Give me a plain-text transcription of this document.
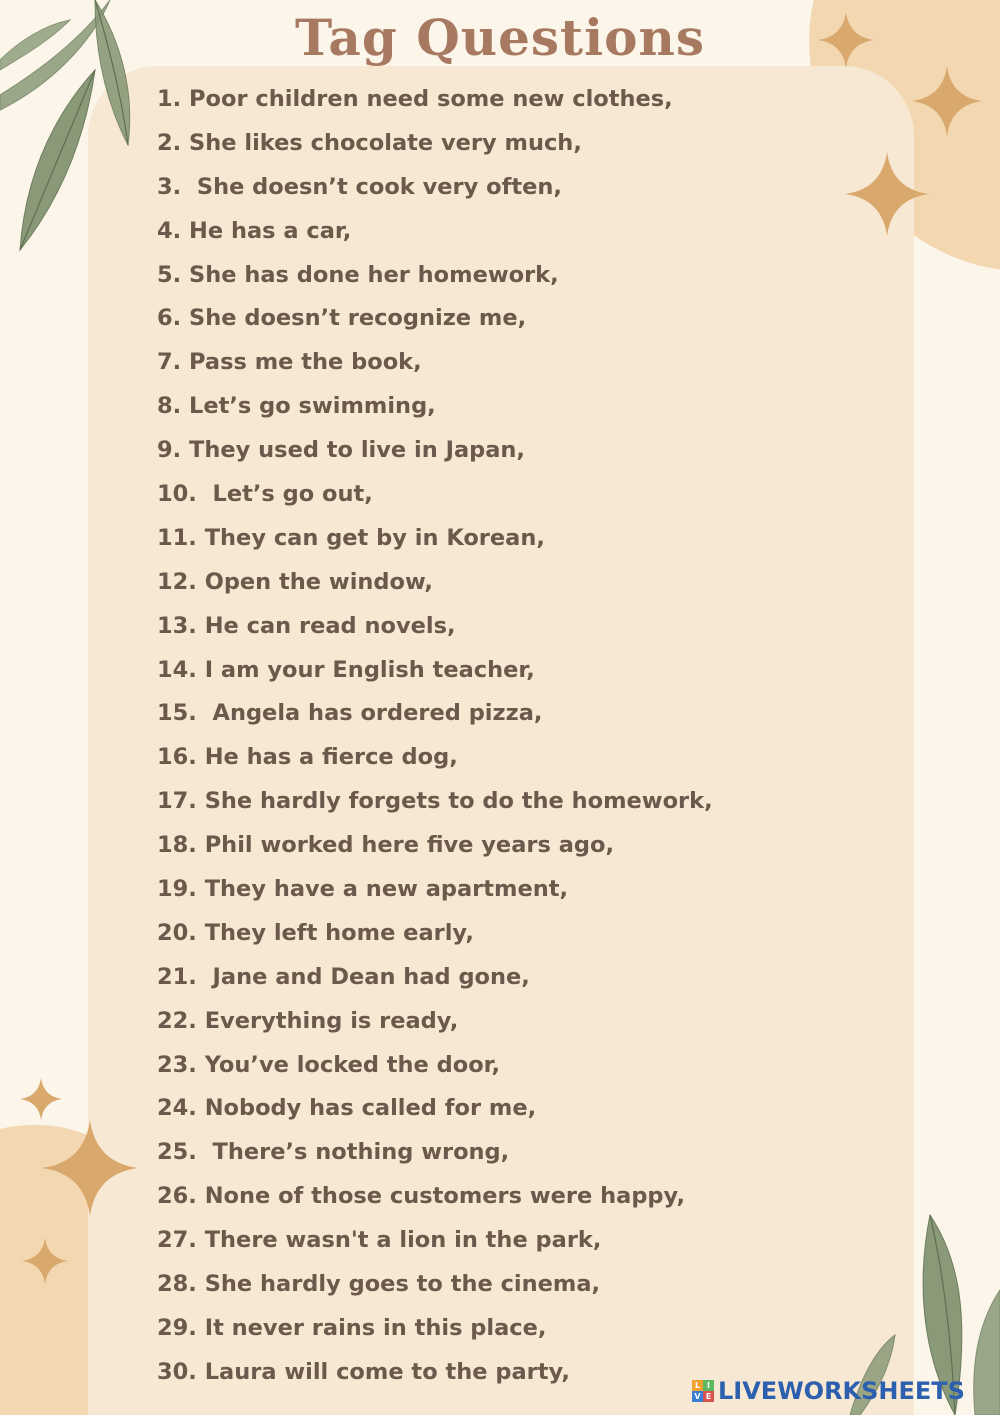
Tag Questions
1. Poor children need some new clothes,
2. She likes chocolate very much,
3.  She doesn’t cook very often,
4. He has a car,
5. She has done her homework,
6. She doesn’t recognize me,
7. Pass me the book,
8. Let’s go swimming,
9. They used to live in Japan,
10.  Let’s go out,
11. They can get by in Korean,
12. Open the window,
13. He can read novels,
14. I am your English teacher,
15.  Angela has ordered pizza,
16. He has a fierce dog,
17. She hardly forgets to do the homework,
18. Phil worked here five years ago,
19. They have a new apartment,
20. They left home early,
21.  Jane and Dean had gone,
22. Everything is ready,
23. You’ve locked the door,
24. Nobody has called for me,
25.  There’s nothing wrong,
26. None of those customers were happy,
27. There wasn't a lion in the park,
28. She hardly goes to the cinema,
29. It never rains in this place,
30. Laura will come to the party,
L I
V E LIVEWORKSHEETS
